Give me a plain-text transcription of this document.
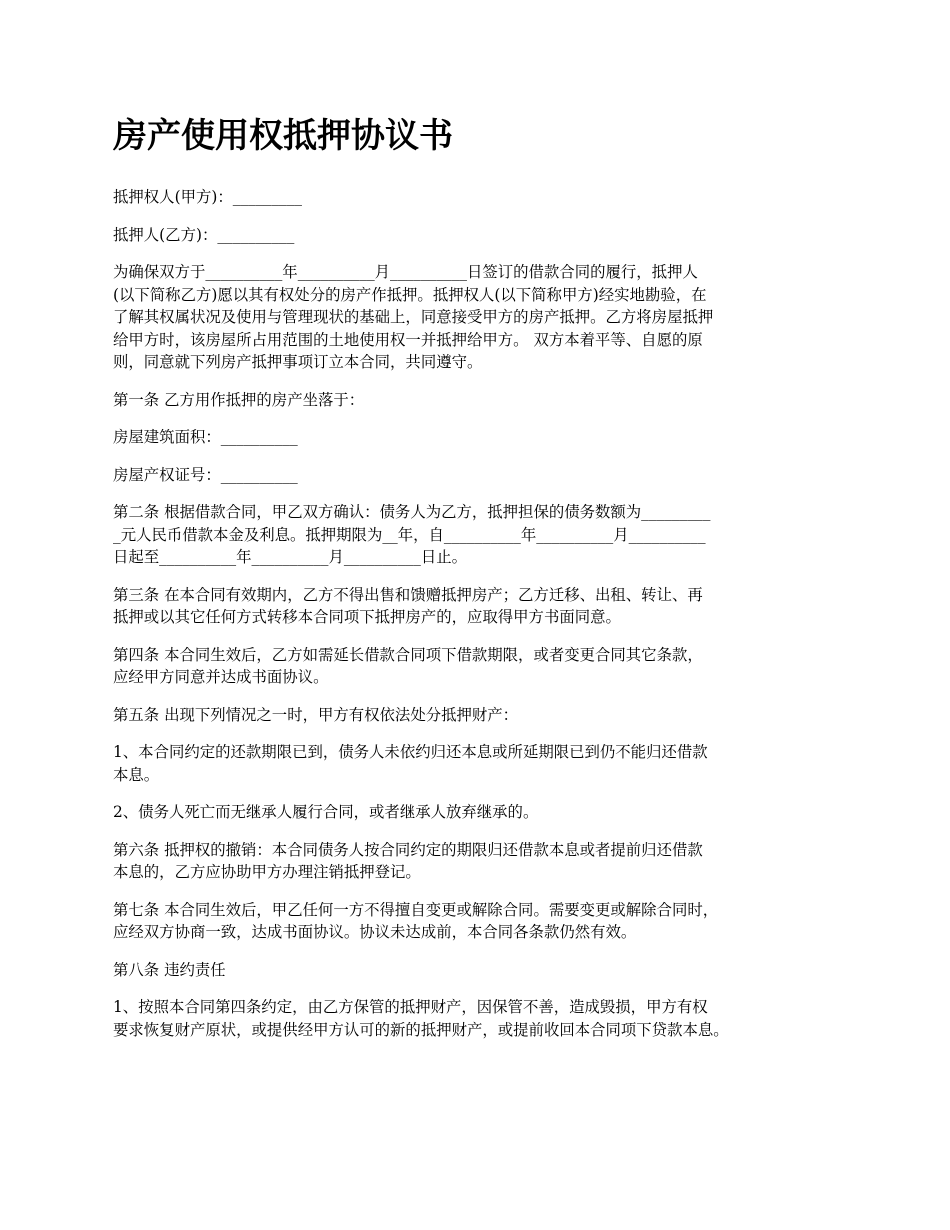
房产使用权抵押协议书

抵押权人(甲方)：_________

抵押人(乙方)：__________

为确保双方于__________年__________月__________日签订的借款合同的履行，抵押人
(以下简称乙方)愿以其有权处分的房产作抵押。抵押权人(以下简称甲方)经实地勘验，在
了解其权属状况及使用与管理现状的基础上，同意接受甲方的房产抵押。乙方将房屋抵押
给甲方时，该房屋所占用范围的土地使用权一并抵押给甲方。 双方本着平等、自愿的原
则，同意就下列房产抵押事项订立本合同，共同遵守。

第一条 乙方用作抵押的房产坐落于：

房屋建筑面积：__________

房屋产权证号：__________

第二条 根据借款合同，甲乙双方确认：债务人为乙方，抵押担保的债务数额为_________
_元人民币借款本金及利息。抵押期限为__年，自__________年__________月__________
日起至__________年__________月__________日止。

第三条 在本合同有效期内，乙方不得出售和馈赠抵押房产；乙方迁移、出租、转让、再
抵押或以其它任何方式转移本合同项下抵押房产的，应取得甲方书面同意。

第四条 本合同生效后，乙方如需延长借款合同项下借款期限，或者变更合同其它条款，
应经甲方同意并达成书面协议。

第五条 出现下列情况之一时，甲方有权依法处分抵押财产：

1、本合同约定的还款期限已到，债务人未依约归还本息或所延期限已到仍不能归还借款
本息。

2、债务人死亡而无继承人履行合同，或者继承人放弃继承的。

第六条 抵押权的撤销：本合同债务人按合同约定的期限归还借款本息或者提前归还借款
本息的，乙方应协助甲方办理注销抵押登记。

第七条 本合同生效后，甲乙任何一方不得擅自变更或解除合同。需要变更或解除合同时，
应经双方协商一致，达成书面协议。协议未达成前，本合同各条款仍然有效。

第八条 违约责任

1、按照本合同第四条约定，由乙方保管的抵押财产，因保管不善，造成毁损，甲方有权
要求恢复财产原状，或提供经甲方认可的新的抵押财产，或提前收回本合同项下贷款本息。
